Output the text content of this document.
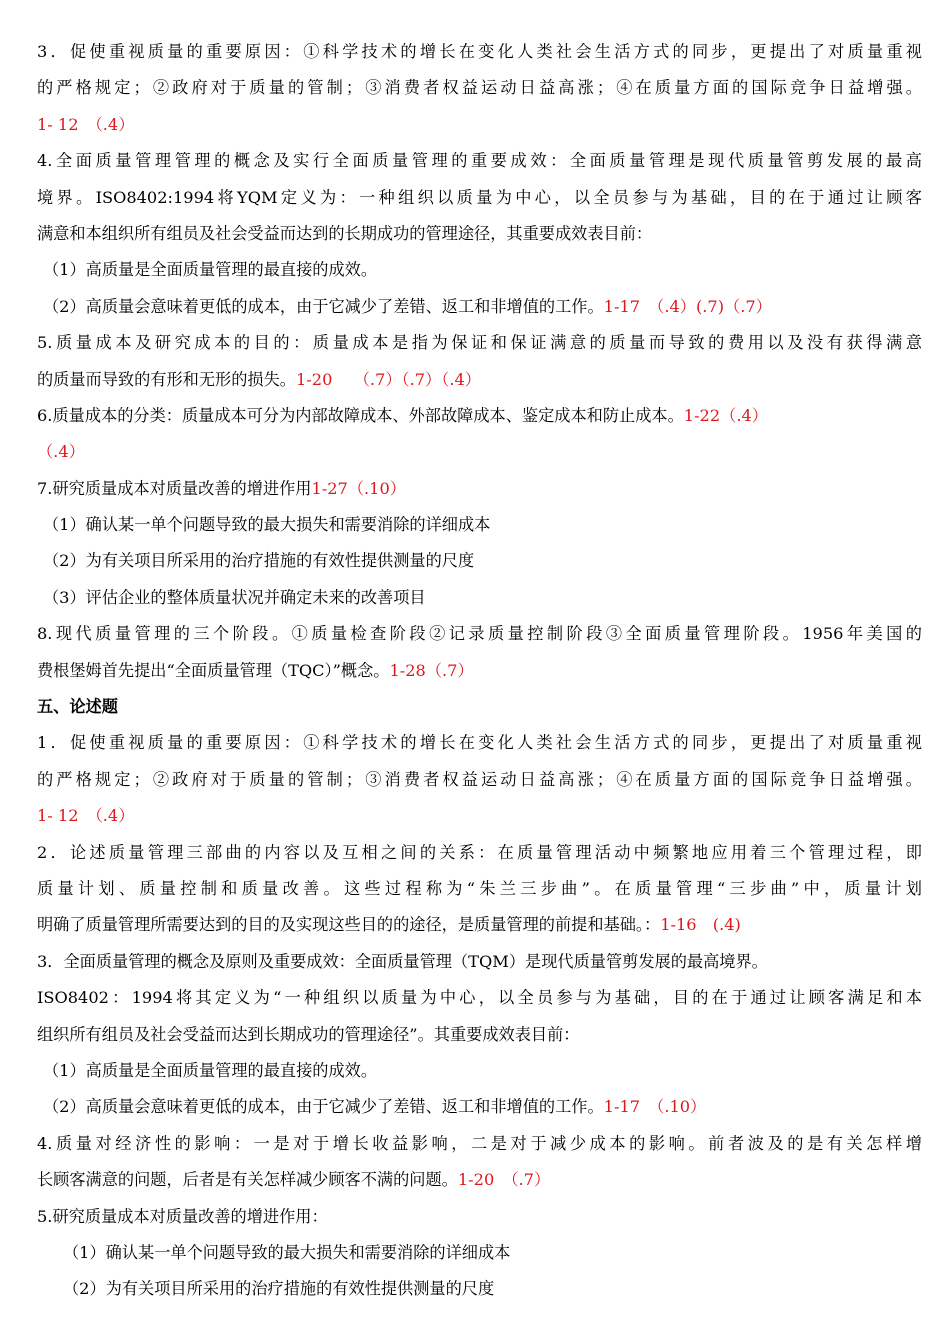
3．促使重视质量的重要原因：①科学技术的增长在变化人类社会生活方式的同步，更提出了对质量重视
的严格规定；②政府对于质量的管制；③消费者权益运动日益高涨；④在质量方面的国际竞争日益增强。
1- 12　（.4）
4.全面质量管理管理的概念及实行全面质量管理的重要成效：全面质量管理是现代质量管剪发展的最高
境界。ISO8402:1994将YQM定义为：一种组织以质量为中心，以全员参与为基础，目的在于通过让顾客
满意和本组织所有组员及社会受益而达到的长期成功的管理途径，其重要成效表目前：
（1）高质量是全面质量管理的最直接的成效。
（2）高质量会意味着更低的成本，由于它减少了差错、返工和非增值的工作。1-17　（.4）(.7)（.7）
5.质量成本及研究成本的目的：质量成本是指为保证和保证满意的质量而导致的费用以及没有获得满意
的质量而导致的有形和无形的损失。1-20　 （.7）（.7）（.4）
6.质量成本的分类：质量成本可分为内部故障成本、外部故障成本、鉴定成本和防止成本。1-22（.4）
（.4）
7.研究质量成本对质量改善的增进作用1-27（.10）
（1）确认某一单个问题导致的最大损失和需要消除的详细成本
（2）为有关项目所采用的治疗措施的有效性提供测量的尺度
（3）评估企业的整体质量状况并确定未来的改善项目
8.现代质量管理的三个阶段。①质量检查阶段②记录质量控制阶段③全面质量管理阶段。1956年美国的
费根堡姆首先提出“全面质量管理（TQC）”概念。1-28（.7）
五、论述题
1．促使重视质量的重要原因：①科学技术的增长在变化人类社会生活方式的同步，更提出了对质量重视
的严格规定；②政府对于质量的管制；③消费者权益运动日益高涨；④在质量方面的国际竞争日益增强。
1- 12　（.4）
2．论述质量管理三部曲的内容以及互相之间的关系：在质量管理活动中频繁地应用着三个管理过程，即
质量计划、质量控制和质量改善。这些过程称为“朱兰三步曲”。在质量管理“三步曲”中，质量计划
明确了质量管理所需要达到的目的及实现这些目的的途径，是质量管理的前提和基础。：1-16　(.4)
3．全面质量管理的概念及原则及重要成效：全面质量管理（TQM）是现代质量管剪发展的最高境界。
ISO8402：1994将其定义为“一种组织以质量为中心，以全员参与为基础，目的在于通过让顾客满足和本
组织所有组员及社会受益而达到长期成功的管理途径”。其重要成效表目前：
（1）高质量是全面质量管理的最直接的成效。
（2）高质量会意味着更低的成本，由于它减少了差错、返工和非增值的工作。1-17　（.10）
4.质量对经济性的影响：一是对于增长收益影响，二是对于减少成本的影响。前者波及的是有关怎样增
长顾客满意的问题，后者是有关怎样减少顾客不满的问题。1-20　（.7）
5.研究质量成本对质量改善的增进作用：
（1）确认某一单个问题导致的最大损失和需要消除的详细成本
（2）为有关项目所采用的治疗措施的有效性提供测量的尺度
